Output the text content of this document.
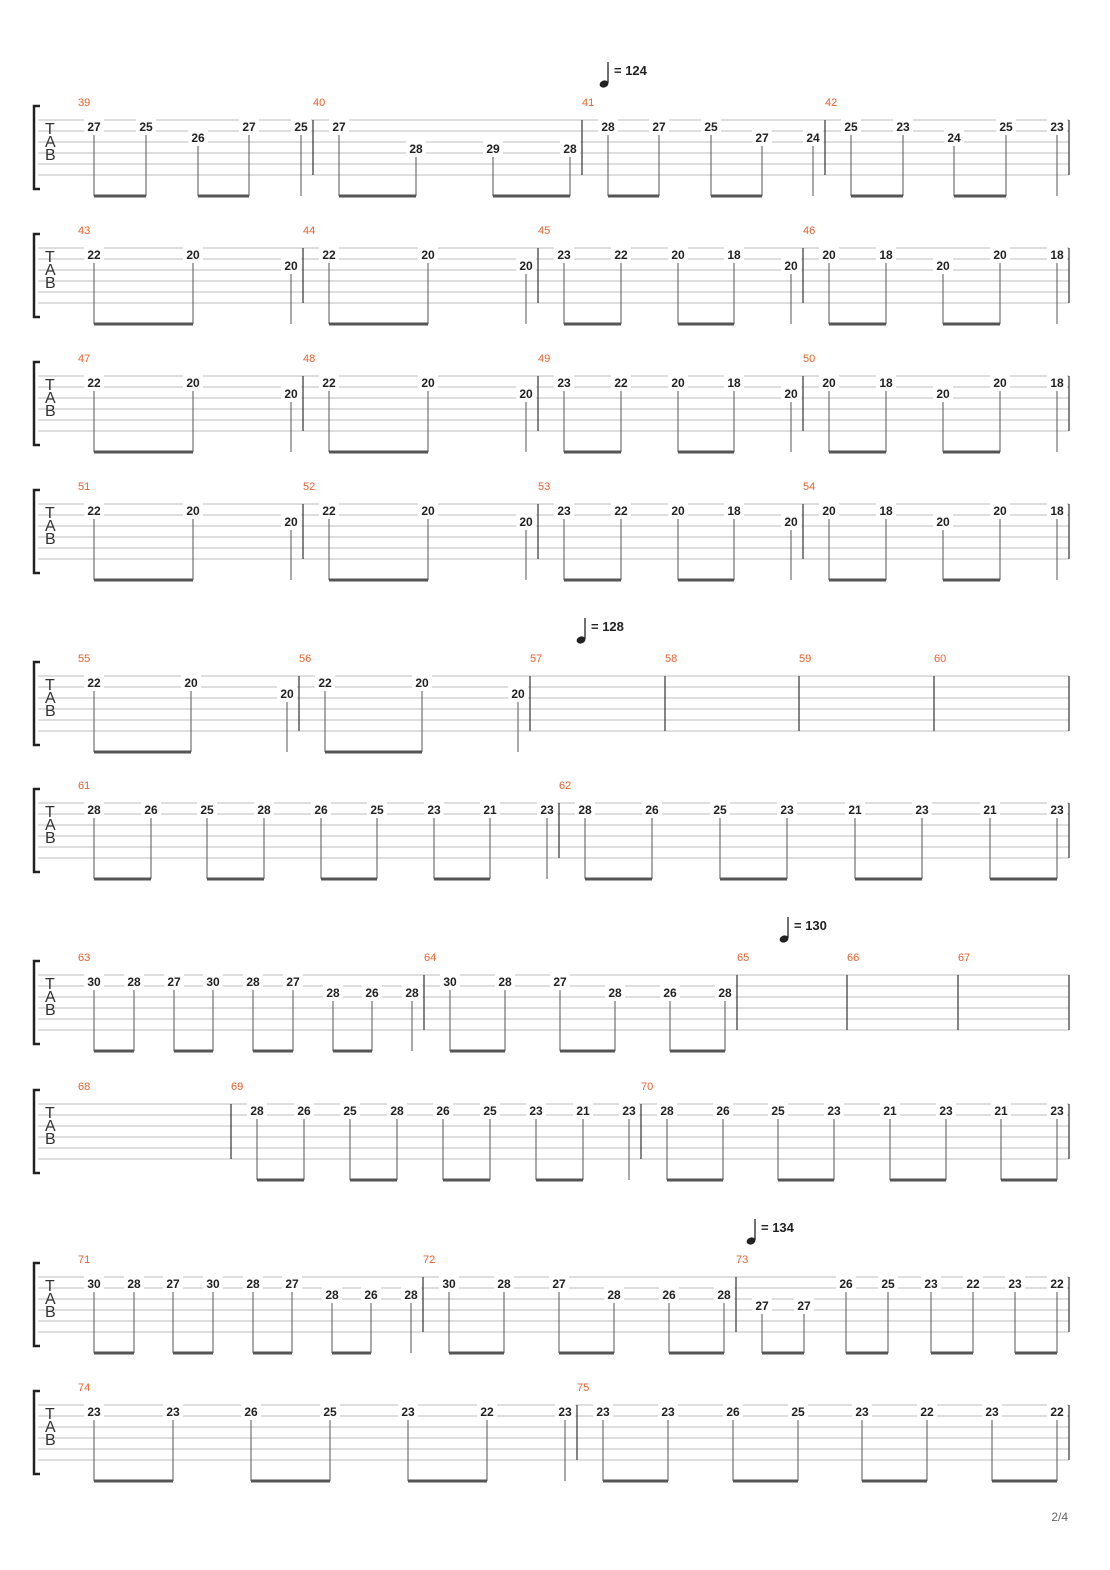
T
A
B
= 124
39
27	25
26
27	25
40
27
28	29	28
41
28	27	25
27	24
42
25	23
24
25	23
T
A
B
43
22	20
20
44
22	20
20
45
23	22	20	18
20
46
20	18
20
20	18
T
A
B
47
22	20
20
48
22	20
20
49
23	22	20	18
20
50
20	18
20
20	18
T
A
B
51
22	20
20
52
22	20
20
53
23	22	20	18
20
54
20	18
20
20	18
T
A
B
= 128
55
22	20
20
56
22	20
20
57	58	59	60
T
A
B
61
28	26	25	28	26	25	23	21	23
62
28	26	25	23	21	23	21	23
T
A
B
= 130
63
30 28 27 30 28 27
28 26 28
64
30	28	27
28	26	28
65	66	67
T
A
B
68	69
28	26	25	28	26	25	23	21	23
70
28	26	25	23	21	23	21	23
T
A
B
= 134
71
30 28 27 30 28 27
28 26 28
72
30	28	27
28	26	28
73
27 27
26 25 23 22 23 22
T
A
B
74
23	23	26	25	23	22	23
75
23	23	26	25	23	22	23	22
2/4
